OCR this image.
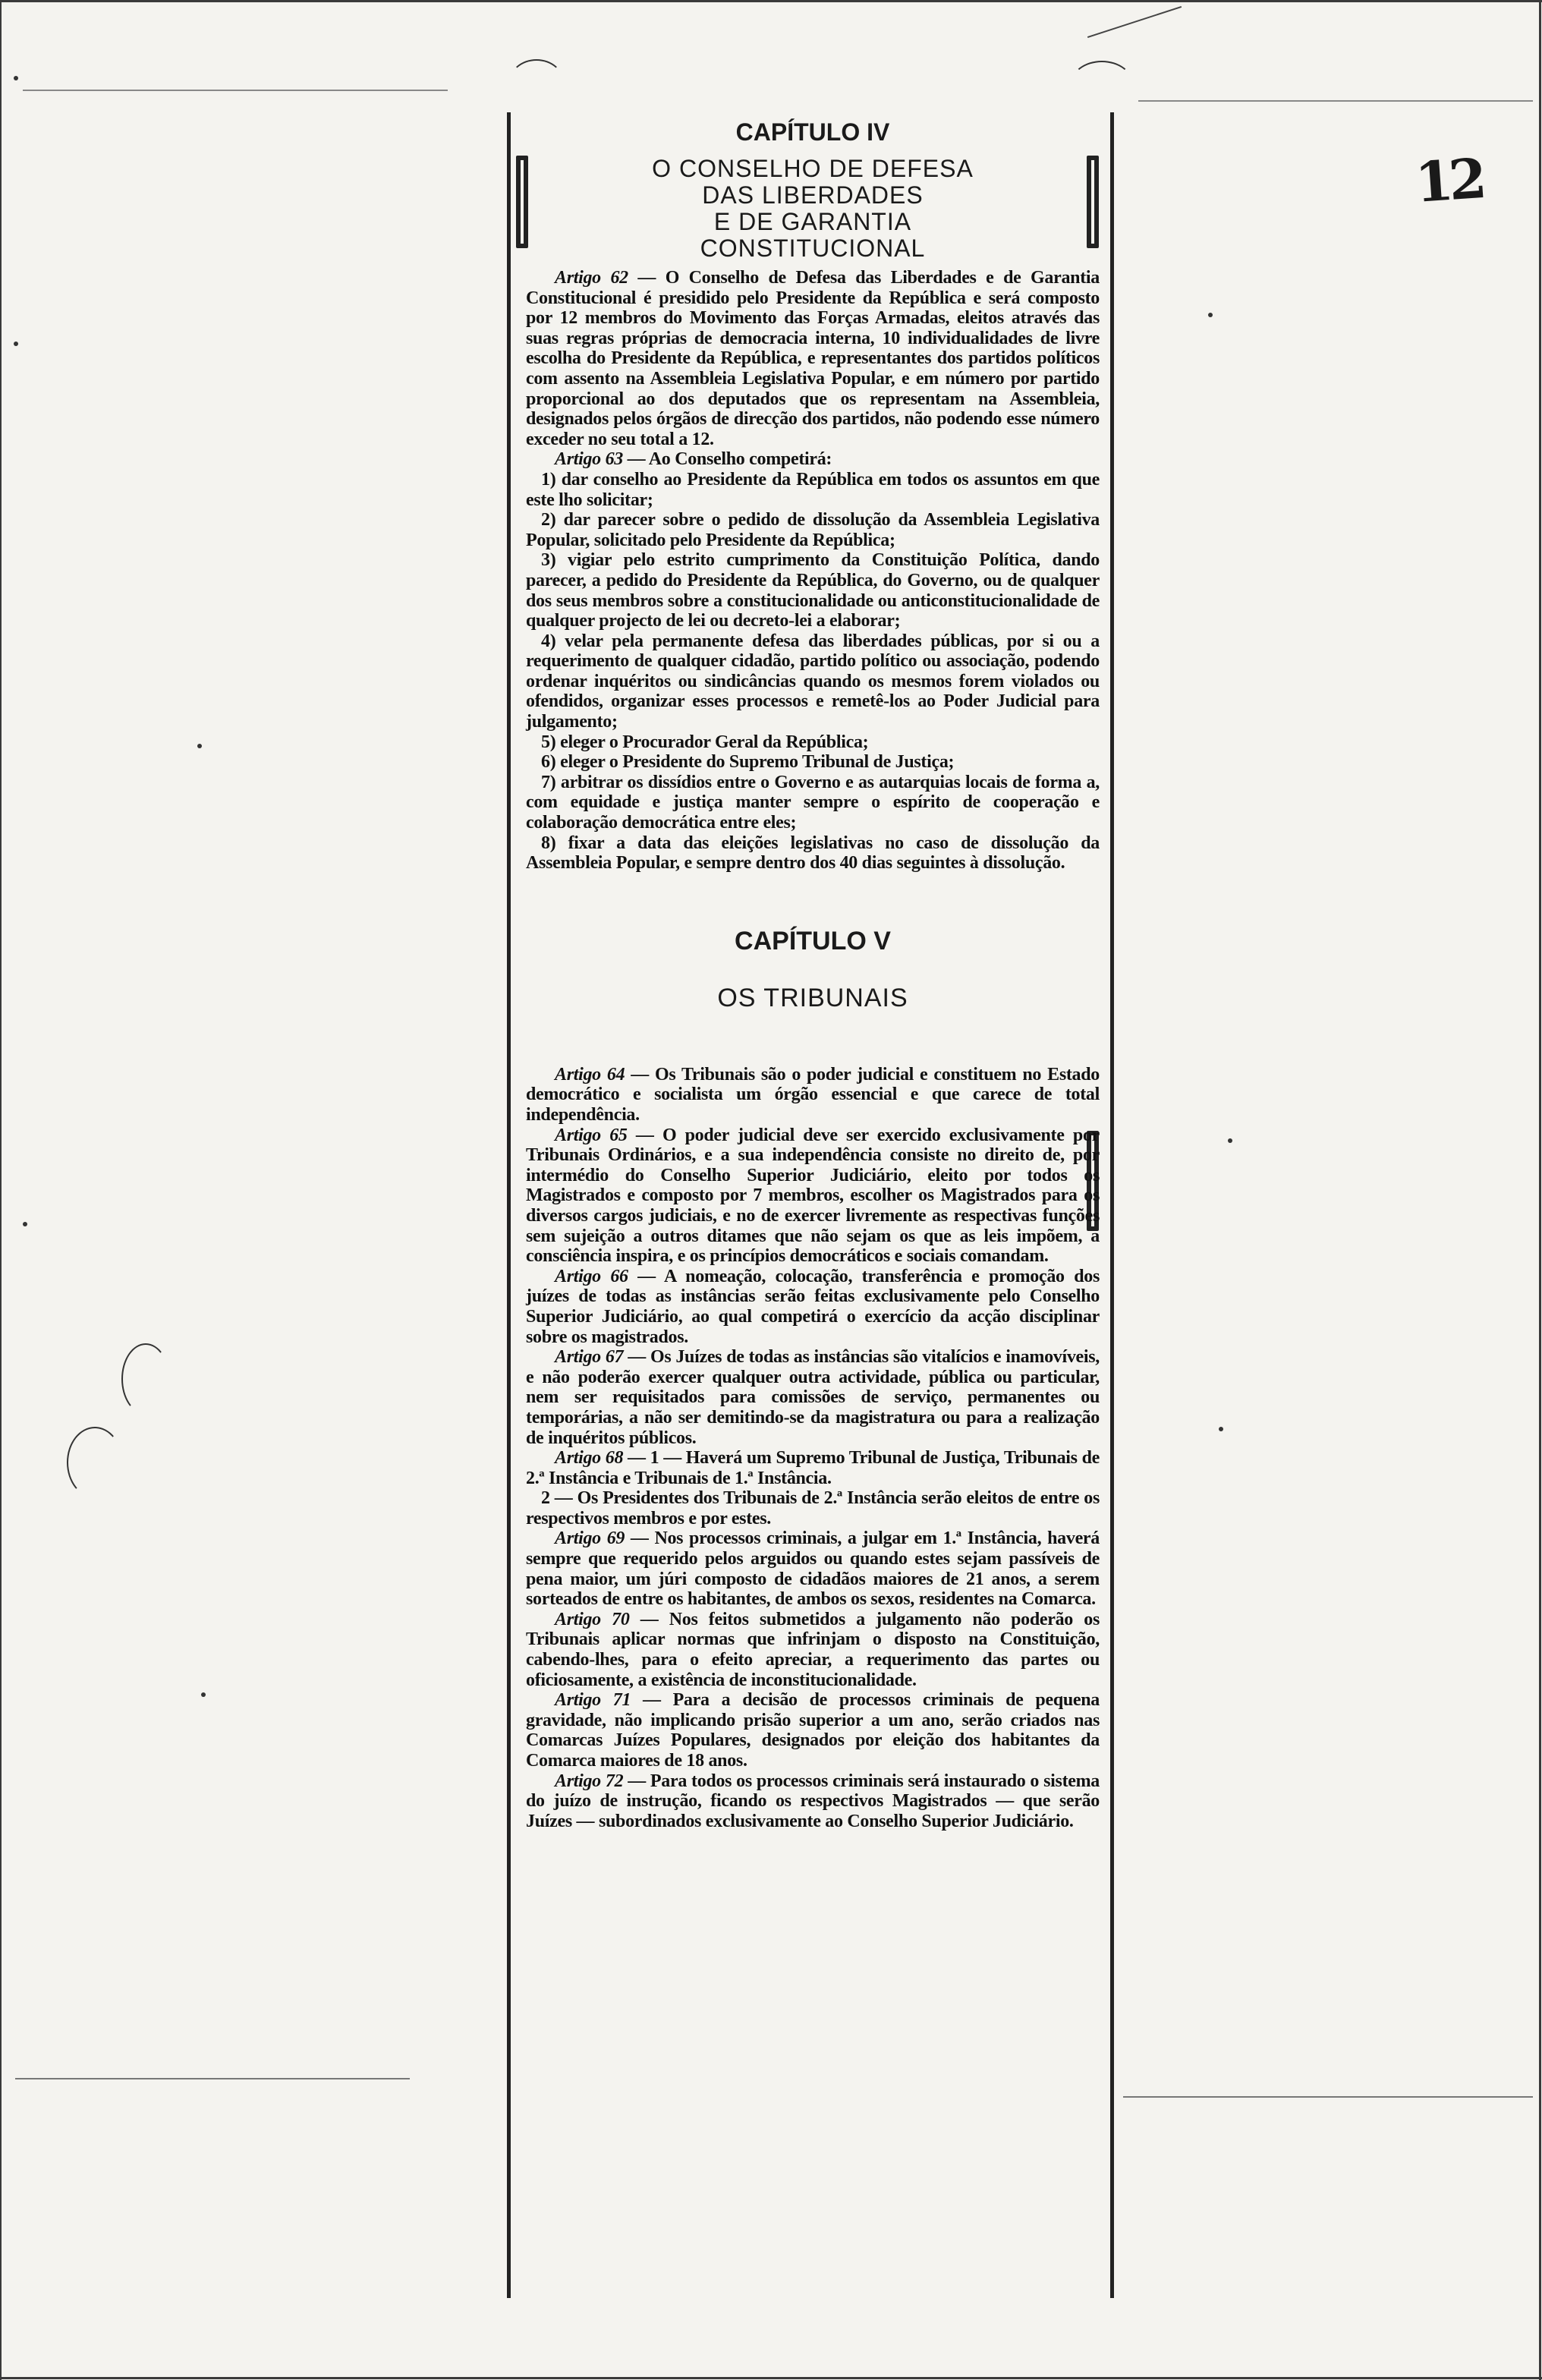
12
CAPÍTULO IV
O CONSELHO DE DEFESA
DAS LIBERDADES
E DE GARANTIA
CONSTITUCIONAL

Artigo 62 — O Conselho de Defesa das Liberdades e de Garantia Constitucional é presidido pelo Presidente da República e será composto por 12 membros do Movimento das Forças Armadas, eleitos através das suas regras próprias de democracia interna, 10 individualidades de livre escolha do Presidente da República, e representantes dos partidos políticos com assento na Assembleia Legislativa Popular, e em número por partido proporcional ao dos deputados que os representam na Assembleia, designados pelos órgãos de direcção dos partidos, não podendo esse número exceder no seu total a 12.

Artigo 63 — Ao Conselho competirá:

1) dar conselho ao Presidente da República em todos os assuntos em que este lho solicitar;

2) dar parecer sobre o pedido de dissolução da Assembleia Legislativa Popular, solicitado pelo Presidente da República;

3) vigiar pelo estrito cumprimento da Constituição Política, dando parecer, a pedido do Presidente da República, do Governo, ou de qualquer dos seus membros sobre a constitucionalidade ou anticonstitucionalidade de qualquer projecto de lei ou decreto-lei a elaborar;

4) velar pela permanente defesa das liberdades públicas, por si ou a requerimento de qualquer cidadão, partido político ou associação, podendo ordenar inquéritos ou sindicâncias quando os mesmos forem violados ou ofendidos, organizar esses processos e remetê-los ao Poder Judicial para julgamento;

5) eleger o Procurador Geral da República;

6) eleger o Presidente do Supremo Tribunal de Justiça;

7) arbitrar os dissídios entre o Governo e as autarquias locais de forma a, com equidade e justiça manter sempre o espírito de cooperação e colaboração democrática entre eles;

8) fixar a data das eleições legislativas no caso de dissolução da Assembleia Popular, e sempre dentro dos 40 dias seguintes à dissolução.

CAPÍTULO V
OS TRIBUNAIS

Artigo 64 — Os Tribunais são o poder judicial e constituem no Estado democrático e socialista um órgão essencial e que carece de total independência.

Artigo 65 — O poder judicial deve ser exercido exclusivamente por Tribunais Ordinários, e a sua independência consiste no direito de, por intermédio do Conselho Superior Judiciário, eleito por todos os Magistrados e composto por 7 membros, escolher os Magistrados para os diversos cargos judiciais, e no de exercer livremente as respectivas funções sem sujeição a outros ditames que não sejam os que as leis impõem, a consciência inspira, e os princípios democráticos e sociais comandam.

Artigo 66 — A nomeação, colocação, transferência e promoção dos juízes de todas as instâncias serão feitas exclusivamente pelo Conselho Superior Judiciário, ao qual competirá o exercício da acção disciplinar sobre os magistrados.

Artigo 67 — Os Juízes de todas as instâncias são vitalícios e inamovíveis, e não poderão exercer qualquer outra actividade, pública ou particular, nem ser requisitados para comissões de serviço, permanentes ou temporárias, a não ser demitindo-se da magistratura ou para a realização de inquéritos públicos.

Artigo 68 — 1 — Haverá um Supremo Tribunal de Justiça, Tribunais de 2.ª Instância e Tribunais de 1.ª Instância.

2 — Os Presidentes dos Tribunais de 2.ª Instância serão eleitos de entre os respectivos membros e por estes.

Artigo 69 — Nos processos criminais, a julgar em 1.ª Instância, haverá sempre que requerido pelos arguidos ou quando estes sejam passíveis de pena maior, um júri composto de cidadãos maiores de 21 anos, a serem sorteados de entre os habitantes, de ambos os sexos, residentes na Comarca.

Artigo 70 — Nos feitos submetidos a julgamento não poderão os Tribunais aplicar normas que infrinjam o disposto na Constituição, cabendo-lhes, para o efeito apreciar, a requerimento das partes ou oficiosamente, a existência de inconstitucionalidade.

Artigo 71 — Para a decisão de processos criminais de pequena gravidade, não implicando prisão superior a um ano, serão criados nas Comarcas Juízes Populares, designados por eleição dos habitantes da Comarca maiores de 18 anos.

Artigo 72 — Para todos os processos criminais será instaurado o sistema do juízo de instrução, ficando os respectivos Magistrados — que serão Juízes — subordinados exclusivamente ao Conselho Superior Judiciário.
